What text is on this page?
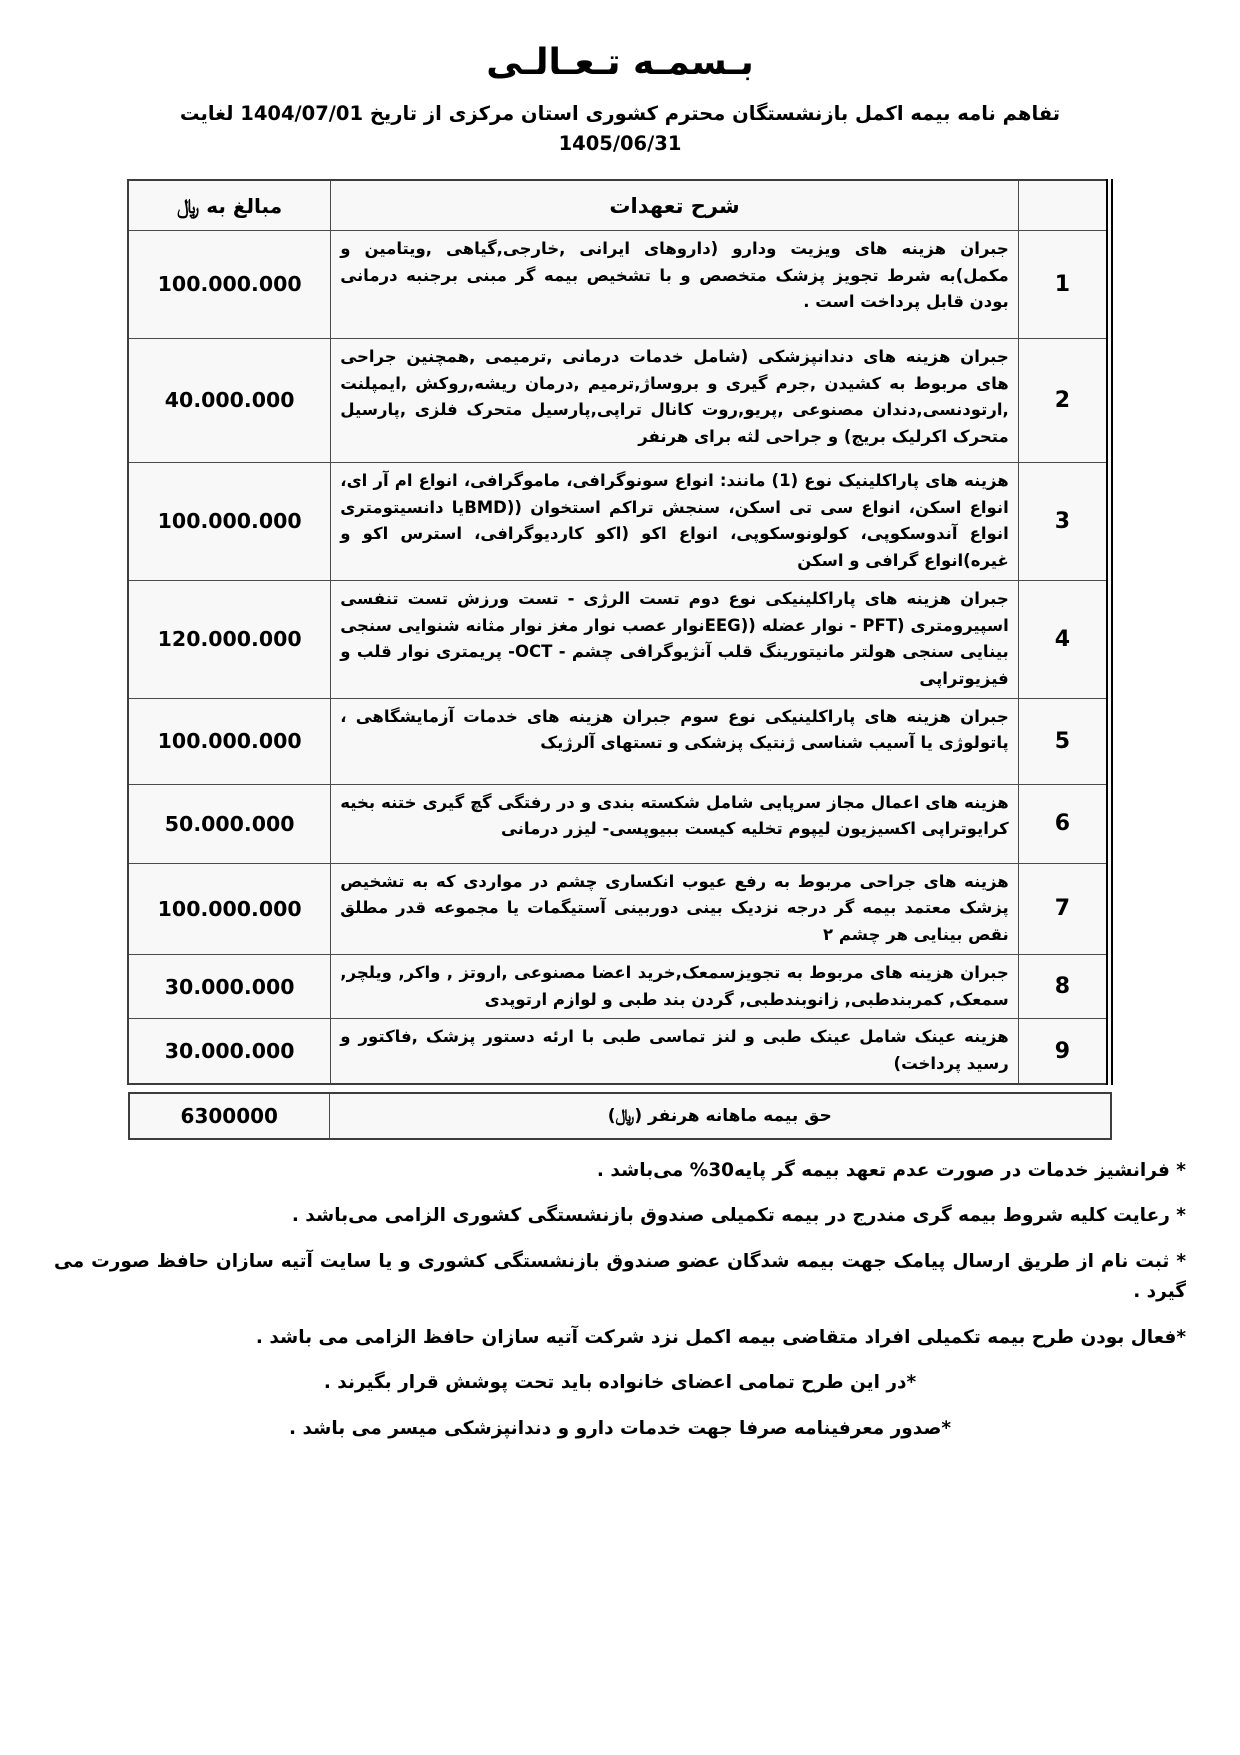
بـسمـه تـعـالـی
تفاهم نامه بیمه اکمل بازنشستگان محترم کشوری استان مرکزی از تاریخ 1404/07/01 لغایت
1405/06/31
	شرح تعهدات	مبالغ به ﷼
1	جبران هزینه های ویزیت ودارو (داروهای ایرانی ,خارجی,گیاهی ,ویتامین و مکمل)به شرط تجویز پزشک متخصص و با تشخیص بیمه گر مبنی برجنبه درمانی بودن قابل پرداخت است .	100.000.000
2	جبران هزینه های دندانپزشکی (شامل خدمات درمانی ,ترمیمی ,همچنین جراحی های مربوط به کشیدن ,جرم گیری و بروساژ,ترمیم ,درمان ریشه,روکش ,ایمپلنت ,ارتودنسی,دندان مصنوعی ,پریو,روت کانال تراپی,پارسیل متحرک فلزی ,پارسیل متحرک اکرلیک بریج) و جراحی لثه برای هرنفر	40.000.000
3	هزینه های پاراکلینیک نوع (1) مانند: انواع سونوگرافی، ماموگرافی، انواع ام آر ای، انواع اسکن، انواع سی تی اسکن، سنجش تراکم استخوان ((BMDیا دانسیتومتری انواع آندوسکوپی، کولونوسکوپی، انواع اکو (اکو کاردیوگرافی، استرس اکو و غیره)انواع گرافی و اسکن	100.000.000
4	جبران هزینه های پاراکلینیکی نوع دوم تست الرژی - تست ورزش تست تنفسی اسپیرومتری (PFT - نوار عضله ((EEGنوار عصب نوار مغز نوار مثانه شنوایی سنجی بینایی سنجی هولتر مانیتورینگ قلب آنژیوگرافی چشم - OCT- پریمتری نوار قلب و فیزیوتراپی	120.000.000
5	جبران هزینه های پاراکلینیکی نوع سوم جبران هزینه های خدمات آزمایشگاهی ، پاتولوژی یا آسیب شناسی ژنتیک پزشکی و تستهای آلرژیک	100.000.000
6	هزینه های اعمال مجاز سرپایی شامل شکسته بندی و در رفتگی گچ گیری ختنه بخیه کرایوتراپی اکسیزیون لیپوم تخلیه کیست ببیوپسی- لیزر درمانی	50.000.000
7	هزینه های جراحی مربوط به رفع عیوب انکساری چشم در مواردی که به تشخیص پزشک معتمد بیمه گر درجه نزدیک بینی دوربینی آستیگمات یا مجموعه قدر مطلق نقص بینایی هر چشم ۲	100.000.000
8	جبران هزینه های مربوط به تجویزسمعک,خرید اعضا مصنوعی ,اروتز , واکر, ویلچر, سمعک, کمربندطبی, زانوبندطبی, گردن بند طبی و لوازم ارتوپدی	30.000.000
9	هزینه عینک شامل عینک طبی و لنز تماسی طبی با ارئه دستور پزشک ,فاکتور و رسید پرداخت)	30.000.000
حق بیمه ماهانه هرنفر (﷼)	6300000
* فرانشیز خدمات در صورت عدم تعهد بیمه گر پایه30% می‌باشد .
* رعایت کلیه شروط بیمه گری مندرج در بیمه تکمیلی صندوق بازنشستگی کشوری الزامی می‌باشد .
* ثبت نام از طریق ارسال پیامک جهت بیمه شدگان عضو صندوق بازنشستگی کشوری و یا سایت آتیه سازان حافظ صورت می گیرد .
*فعال بودن طرح بیمه تکمیلی افراد متقاضی بیمه اکمل نزد شرکت آتیه سازان حافظ الزامی می باشد .
*در این طرح تمامی اعضای خانواده باید تحت پوشش قرار بگیرند .
*صدور معرفینامه صرفا جهت خدمات دارو و دندانپزشکی میسر می باشد .
